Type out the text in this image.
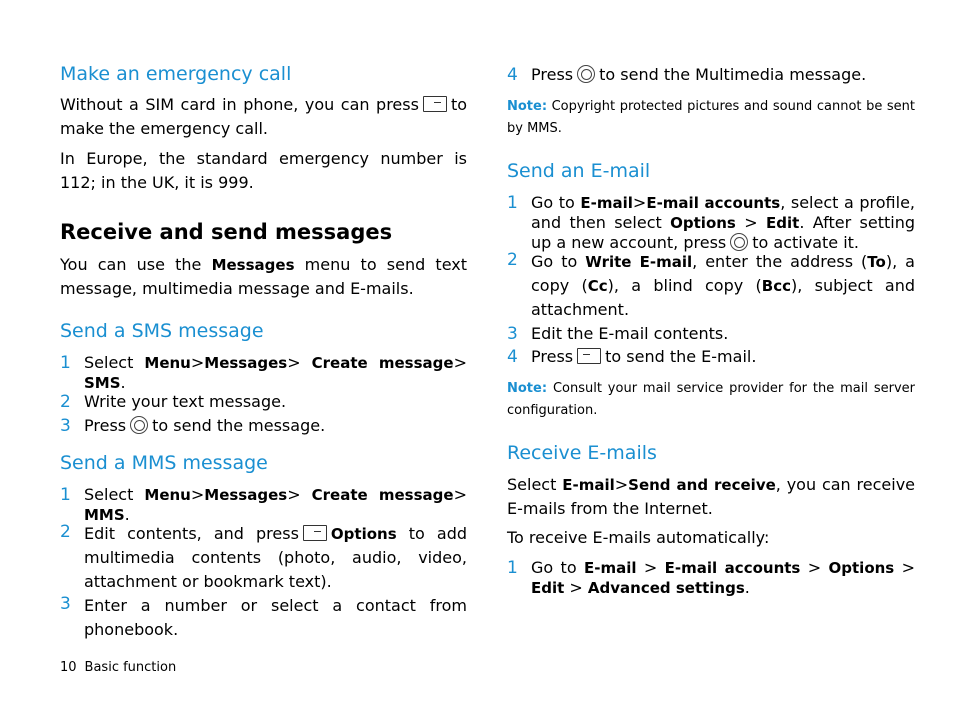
Make an emergency call

Without a SIM card in phone, you can press to make the emergency call.

In Europe, the standard emergency number is 112; in the UK, it is 999.

Receive and send messages

You can use the Messages menu to send text message, multimedia message and E-mails.

Send a SMS message
1 Select Menu>Messages> Create message> SMS.
2 Write your text message.
3 Press to send the message.
Send a MMS message
1 Select Menu>Messages> Create message> MMS.
2 Edit contents, and press Options to add multimedia contents (photo, audio, video, attachment or bookmark text).
3 Enter a number or select a contact from phonebook.
4 Press to send the Multimedia message.

Note: Copyright protected pictures and sound cannot be sent by MMS.

Send an E-mail
1 Go to E-mail>E-mail accounts, select a profile, and then select Options > Edit. After setting up a new account, press to activate it.
2 Go to Write E-mail, enter the address (To), a copy (Cc), a blind copy (Bcc), subject and attachment.
3 Edit the E-mail contents.
4 Press to send the E-mail.

Note: Consult your mail service provider for the mail server configuration.

Receive E-mails

Select E-mail>Send and receive, you can receive E-mails from the Internet.

To receive E-mails automatically:

1 Go to E-mail > E-mail accounts > Options > Edit > Advanced settings.
10 Basic function
